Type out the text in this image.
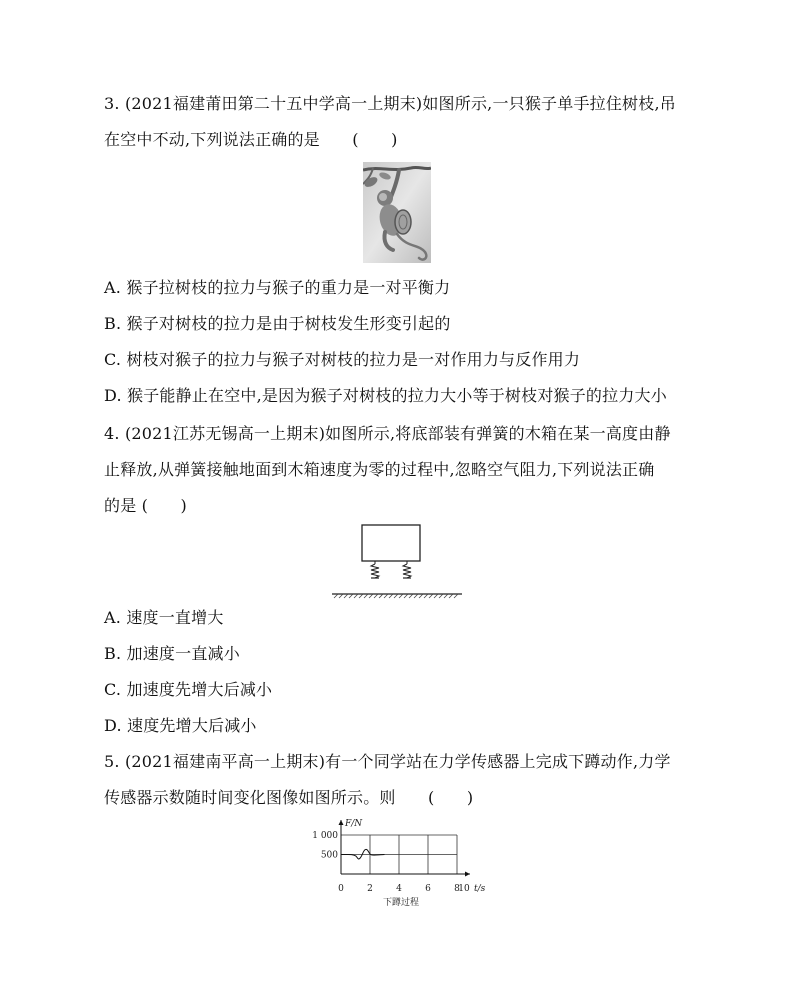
3. (2021福建莆田第二十五中学高一上期末)如图所示,一只猴子单手拉住树枝,吊
在空中不动,下列说法正确的是　　(　　)
A. 猴子拉树枝的拉力与猴子的重力是一对平衡力
B. 猴子对树枝的拉力是由于树枝发生形变引起的
C. 树枝对猴子的拉力与猴子对树枝的拉力是一对作用力与反作用力
D. 猴子能静止在空中,是因为猴子对树枝的拉力大小等于树枝对猴子的拉力大小
4. (2021江苏无锡高一上期末)如图所示,将底部装有弹簧的木箱在某一高度由静
止释放,从弹簧接触地面到木箱速度为零的过程中,忽略空气阻力,下列说法正确
的是 (　　)
A. 速度一直增大
B. 加速度一直减小
C. 加速度先增大后减小
D. 速度先增大后减小
5. (2021福建南平高一上期末)有一个同学站在力学传感器上完成下蹲动作,力学
传感器示数随时间变化图像如图所示。则　　(　　)
0	2	4	6	8
10
500
1 000
F/N
t/s
下蹲过程
